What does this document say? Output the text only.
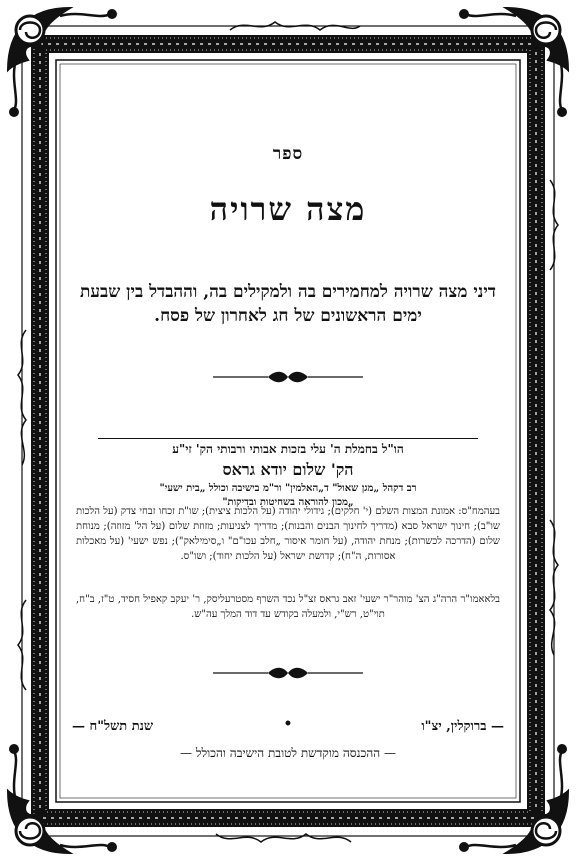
ספר
מצה שרויה
דיני מצה שרויה למחמירים בה ולמקילים בה, וההבדל בין שבעת ימים הראשונים של חג לאחרון של פסח.
הו"ל בחמלת ה' עלי בזכות אבותי ורבותי הק' זי"ע
הק' שלום יודא גראס
רב דקהל „מגן שאול" ד„האלמין" ור"מ בישיבה וכולל „בית ישעי"
„מכון להוראה בשחיטות ובדיקות"
בעהמח"ס: אמונת המצות השלם (י' חלקים); גידולי יהודה (על הלכות ציצית); שו"ת זכחו זבחי צדק (על הלכות שו"ב); חינוך ישראל סבא (מדריך לחינוך הבנים והבנות); מדריך לצניעות; מזוזת שלום (על הל' מזוזה); מנוחת שלום (הדרכה לכשרות); מנחת יהודה, (על חומר איסור „חלב עכו"ם" ו„סימילאק"); נפש ישעי' (על מאכלות אסורות, ה"ח); קדושת ישראל (על הלכות יחוד); ושו"ס.
בלאאמו"ר הרה"ג הצ' מוהר"ר ישעי' זאב גראס זצ"ל נכד השרף מסטרעליסק, ר' יעקב קאפיל חסיד, ט"ז, ב"ח, תוי"ט, רש"י, ולמעלה בקודש עד דוד המלך עה"ש.
— ברוקלין, יצ"ו
•
שנת תשל"ח —
— ההכנסה מוקדשת לטובת הישיבה והכולל —
